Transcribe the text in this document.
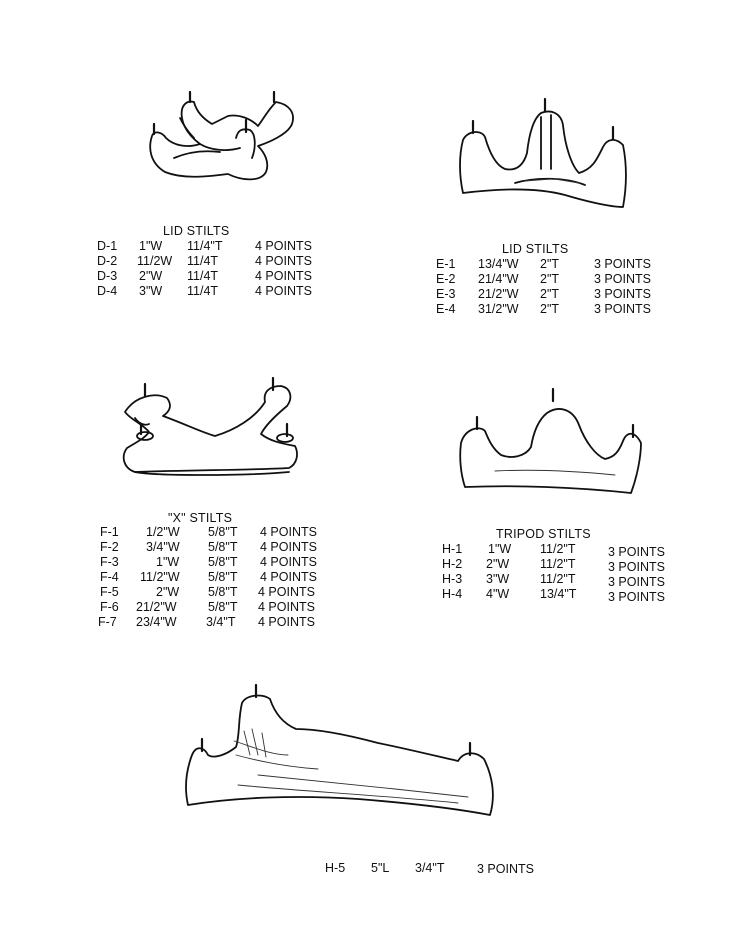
LID STILTS
D-1 1"W 11/4"T	4 POINTS
D-2 11/2W 11/4T	4 POINTS
D-3 2"W 11/4T	4 POINTS
D-4 3"W 11/4T	4 POINTS
LID STILTS
E-1 13/4"W 2"T	3 POINTS
E-2 21/4"W 2"T	3 POINTS
E-3 21/2"W 2"T	3 POINTS
E-4 31/2"W 2"T	3 POINTS
"X" STILTS
F-1 1/2"W 5/8"T 4 POINTS
F-2 3/4"W 5/8"T 4 POINTS
F-3	1"W 5/8"T 4 POINTS
F-4 11/2"W 5/8"T 4 POINTS
F-5	2"W 5/8"T 4 POINTS
F-6 21/2"W	5/8"T 4 POINTS
F-7 23/4"W 3/4"T 4 POINTS
TRIPOD STILTS
H-1 1"W 11/2"T	3 POINTS
H-2 2"W 11/2"T	3 POINTS
H-3 3"W 11/2"T	3 POINTS
H-4 4"W 13/4"T	3 POINTS
H-5 5"L 3/4"T	3 POINTS
